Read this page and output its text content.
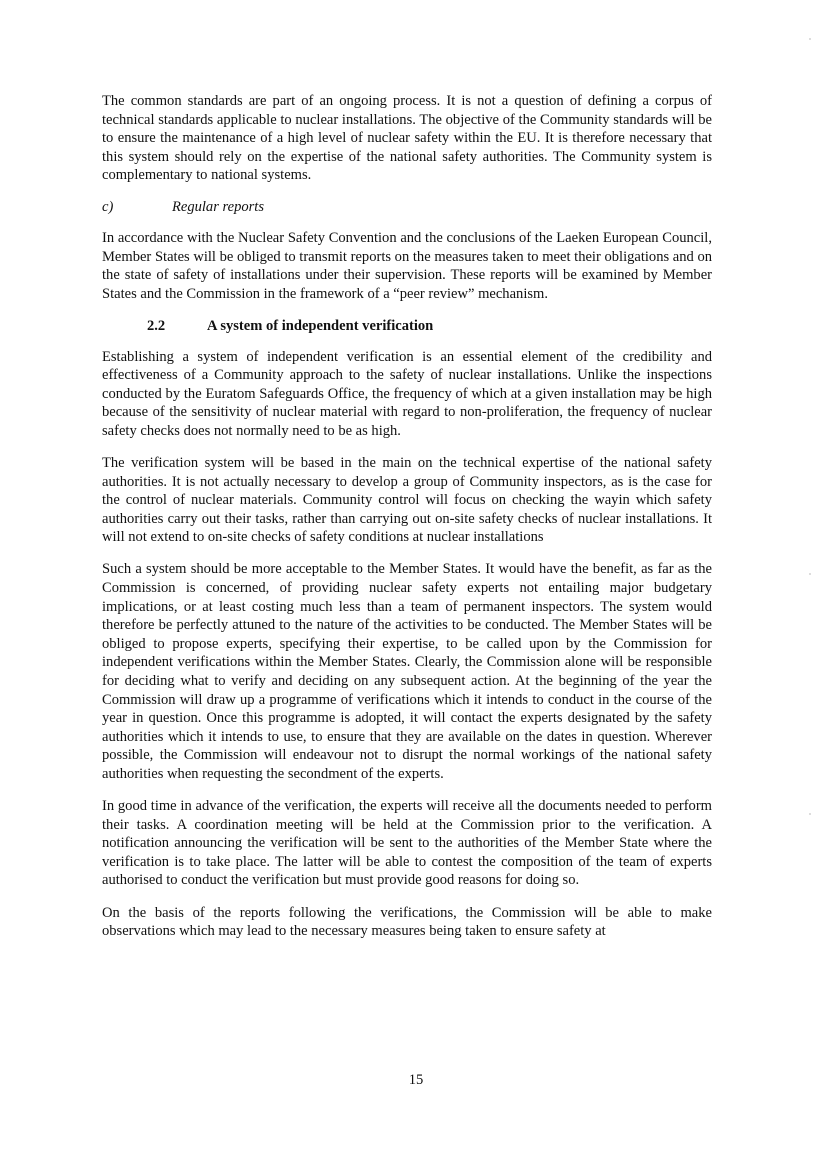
The common standards are part of an ongoing process. It is not a question of defining a corpus of technical standards applicable to nuclear installations. The objective of the Community standards will be to ensure the maintenance of a high level of nuclear safety within the EU. It is therefore necessary that this system should rely on the expertise of the national safety authorities. The Community system is complementary to national systems.

c)	Regular reports

In accordance with the Nuclear Safety Convention and the conclusions of the Laeken European Council, Member States will be obliged to transmit reports on the measures taken to meet their obligations and on the state of safety of installations under their supervision. These reports will be examined by Member States and the Commission in the framework of a “peer review” mechanism.

2.2	A system of independent verification

Establishing a system of independent verification is an essential element of the credibility and effectiveness of a Community approach to the safety of nuclear installations. Unlike the inspections conducted by the Euratom Safeguards Office, the frequency of which at a given installation may be high because of the sensitivity of nuclear material with regard to non-proliferation, the frequency of nuclear safety checks does not normally need to be as high.

The verification system will be based in the main on the technical expertise of the national safety authorities. It is not actually necessary to develop a group of Community inspectors, as is the case for the control of nuclear materials. Community control will focus on checking the wayin which safety authorities carry out their tasks, rather than carrying out on-site safety checks of nuclear installations. It will not extend to on-site checks of safety conditions at nuclear installations

Such a system should be more acceptable to the Member States. It would have the benefit, as far as the Commission is concerned, of providing nuclear safety experts not entailing major budgetary implications, or at least costing much less than a team of permanent inspectors. The system would therefore be perfectly attuned to the nature of the activities to be conducted. The Member States will be obliged to propose experts, specifying their expertise, to be called upon by the Commission for independent verifications within the Member States. Clearly, the Commission alone will be responsible for deciding what to verify and deciding on any subsequent action. At the beginning of the year the Commission will draw up a programme of verifications which it intends to conduct in the course of the year in question. Once this programme is adopted, it will contact the experts designated by the safety authorities which it intends to use, to ensure that they are available on the dates in question. Wherever possible, the Commission will endeavour not to disrupt the normal workings of the national safety authorities when requesting the secondment of the experts.

In good time in advance of the verification, the experts will receive all the documents needed to perform their tasks. A coordination meeting will be held at the Commission prior to the verification. A notification announcing the verification will be sent to the authorities of the Member State where the verification is to take place. The latter will be able to contest the composition of the team of experts authorised to conduct the verification but must provide good reasons for doing so.

On the basis of the reports following the verifications, the Commission will be able to make observations which may lead to the necessary measures being taken to ensure safety at

15
